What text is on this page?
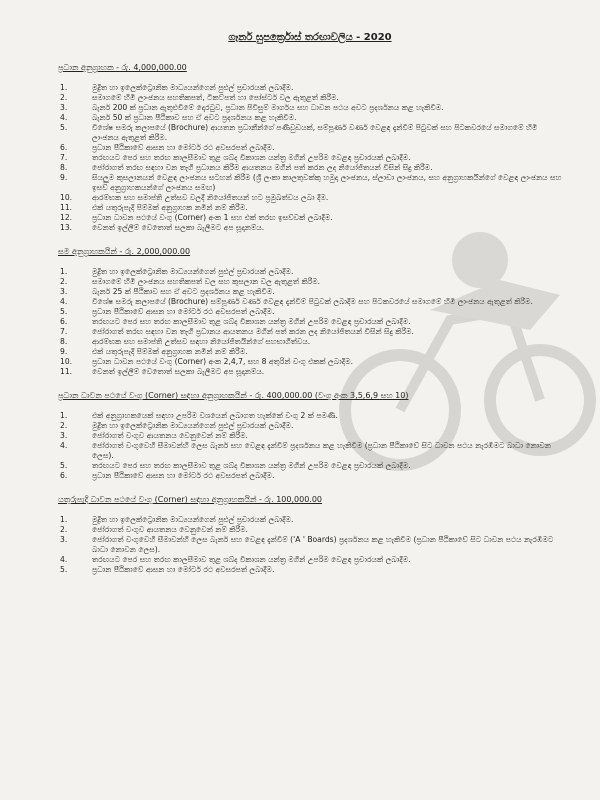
ගෑනර් සුපර්ක්‍රොස් තරඟාවලිය - 2020
ප්‍රධාන අනුග්‍රාහක - රු. 4,000,000.00
1.	මුද්‍රිත හා ඉලෙක්ට්‍රොනික මාධ්‍යයන්ගෙන් පුළුල් ප්‍රචාරයක් ලබාදීම.
2.	සමාගමේ හිමි ලාංඡනය සහතිකපත්, ටිකට්පත් හා පෝස්ටර් වල ඇතුළත් කිරීම.
3.	බැනර් 200 ක් ප්‍රධාන ඇතුළුවීමේ දොරටුව, ප්‍රධාන පිවිසුම් මාර්ගය සහ ධාවන පථය අවට ප්‍රදර්ශනය කළ හැකිවීම.
4.	බැනර් 50 ක් ප්‍රධාන පීඨිකාව සහ ඒ අවට ප්‍රදර්ශනය කළ හැකිවීම.
5.	විශේෂ සමරු කලාපයේ (Brochure) ආයතන ප්‍රධානීන්ගේ පණිවුඩයක්, සම්පූර්ණ වර්ණ වෙළඳ දැන්වීම් පිටුවක් සහ පිටකවරයේ සමාගමේ හිමි ලාංඡනය ඇතුළත් කිරීම.
6.	ප්‍රධාන පීඨිකාවේ ආසන හා මෝටර් රථ අවසරපත් ලබාදීම.
7.	තරඟයට පෙර සහ තරඟ කාලසීමාව තුළ ශබ්ද විකාශන යන්ත්‍ර මගින් උපරිම වෙළඳ ප්‍රචාරයක් ලබාදීම.
8.	ජෝරාගත් තරඟ සඳහා වන තෑගි ප්‍රධානය කිරීම ආයතනය මගින් පත් කරන ලද නියෝජිතයන් විසින් සිදු කිරීම.
9.	සියලුම කුසලානයන් වෙළඳ ලාංඡනය සටහන් කිරීම (ශ්‍රී ලංකා කාලතුවක්කු හමුදා ලාංඡනය, ස්ලාඩා ලාංඡනය, සහ අනුග්‍රාහකයින්ගේ වෙළඳ ලාංඡනය සහ ඉසව් අනුග්‍රාහකයන්ගේ ලාංඡනය සමඟ)
10.	ආරම්භක සහ සමාප්ති උත්සව වලදී නියෝජිතයන් හට ප්‍රමුඛත්වය ලබා දීම.
11.	එක් යතුරුපැදි පිම්මක් අනුග්‍රාහක නමින් නම් කිරීම.
12.	ප්‍රධාන ධාවන පථයේ වංගු (Corner) අංක 1 සහ එක් තරඟ ඉසව්වක් ලබාදීම.
13.	වෙනත් ඉල්ලීම් වෙතොත් සලකා බැලීමට අප සූදානම්ය.
සම අනුග්‍රාහකයින් - රු. 2,000,000.00
1.	මුද්‍රිත හා ඉලෙක්ට්‍රොනික මාධ්‍යයන්ගෙන් පුළුල් ප්‍රචාරයක් ලබාදීම.
2.	සමාගමේ හිමි ලාංඡනය සහතිකපත් වල සහ කුසලාන වල ඇතුළත් කිරීම.
3.	බැනර් 25 ක් පීඨිකාව සහ ඒ අවට ප්‍රදර්ශනය කළ හැකිවීම.
4.	විශේෂ සමරු කලාපයේ (Brochure) සම්පූර්ණ වර්ණ වෙළඳ දැන්වීම් පිටුවක් ලබාදීම සහ පිටකවරයේ සමාගමේ හිමි ලාංඡනය ඇතුළත් කිරීම.
5.	ප්‍රධාන පීඨිකාවේ ආසන හා මෝටර් රථ අවසරපත් ලබාදීම.
6.	තරඟයට පෙර සහ තරඟ කාලසීමාව තුළ ශබ්ද විකාශන යන්ත්‍ර මගින් උපරිම වෙළඳ ප්‍රචාරයක් ලබාදීම.
7.	ජෝරාගත් තරඟ සඳහා වන තෑගි ප්‍රධානය ආයතනය මගින් පත් කරන ලද නියෝජිතයන් විසින් සිදු කිරීම.
8.	ආරම්භක සහ සමාප්ති උත්සව සඳහා නියෝජිතයින්ගේ සහභාගීත්වය.
9.	එක් යතුරුපැදි පිම්මක් අනුග්‍රාහක නමින් නම් කිරීම.
10.	ප්‍රධාන ධාවන පථයේ වංගු (Corner) අංක 2,4,7, සහ 8 අතුරින් වංගු එකක් ලබාදීම.
11.	වෙනත් ඉල්ලීම් වෙතොත් සලකා බැලීමට අප සූදානම්ය.
ප්‍රධාන ධාවන පථයේ වංගු (Corner) සඳහා අනුග්‍රාහකයින් - රු. 400,000.00 (වංගු අංක 3,5,6,9 සහ 10)
1.	එක් අනුග්‍රාහකයෙක් සඳහා උපරිම වශයෙන් ලබාගත හැක්කේ වංගු 2 ක් පමණි.
2.	මුද්‍රිත හා ඉලෙක්ට්‍රොනික මාධ්‍යයන්ගෙන් පුළුල් ප්‍රචාරයක් ලබාදීම.
3.	ජෝරාගත් වංගුව ආයතනය වෙනුවෙන් නම් කිරීම.
4.	ජෝරාගත් වංගුවෙහි සීමාවන්හි ලෙස බැනර් සහ වෙළඳ දැන්වීම් ප්‍රදර්ශනය කළ හැකිවීම (ප්‍රධාන පීඨිකාවේ සිට ධාවන පථය නැරඹීමට බාධා නොවන ලෙස).
5.	තරඟයට පෙර සහ තරඟ කාලසීමාව තුළ ශබ්ද විකාශන යන්ත්‍ර මගින් උපරිම වෙළඳ ප්‍රචාරයක් ලබාදීම.
6.	ප්‍රධාන පීඨිකාවේ ආසන හා මෝටර් රථ අවසරපත් ලබාදීම.
යතුරුපැදි ධාවන පථයේ වංගු (Corner) සඳහා අනුග්‍රාහකයින් - රු. 100,000.00
1.	මුද්‍රිත හා ඉලෙක්ට්‍රොනික මාධ්‍යයන්ගෙන් පුළුල් ප්‍රචාරයක් ලබාදීම.
2.	ජෝරාගත් වංගුව ආයතනය වෙනුවෙන් නම් කිරීම.
3.	ජෝරාගත් වංගුවෙහි සීමාවන්හි ලෙස බැනර් සහ වෙළඳ දැන්වීම් ('A ' Boards) ප්‍රදර්ශනය කළ හැකිවීම (ප්‍රධාන පීඨිකාවේ සිට ධාවන පථය නැරඹීමට බාධා නොවන ලෙස).
4.	තරඟයට පෙර සහ තරඟ කාලසීමාව තුළ ශබ්ද විකාශන යන්ත්‍ර මගින් උපරිම වෙළඳ ප්‍රචාරයක් ලබාදීම.
5.	ප්‍රධාන පීඨිකාවේ ආසන හා මෝටර් රථ අවසරපත් ලබාදීම.
